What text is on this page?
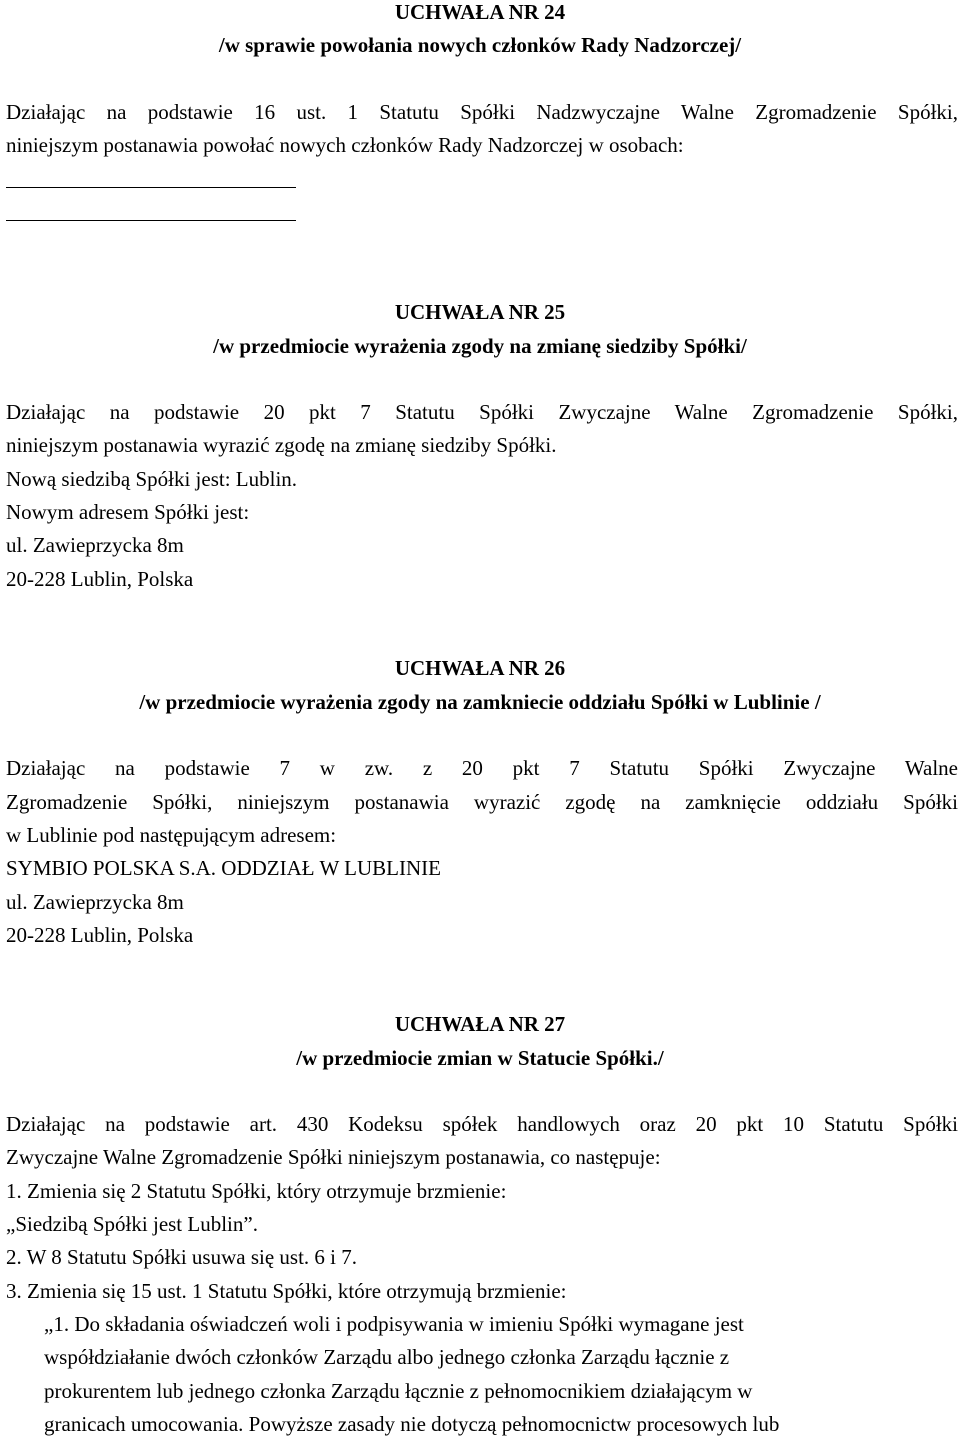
UCHWAŁA NR 24
/w sprawie powołania nowych członków Rady Nadzorczej/
Działając na podstawie 16 ust. 1 Statutu Spółki Nadzwyczajne Walne Zgromadzenie Spółki,
niniejszym postanawia powołać nowych członków Rady Nadzorczej w osobach:
UCHWAŁA NR 25
/w przedmiocie wyrażenia zgody na zmianę siedziby Spółki/
Działając na podstawie 20 pkt 7 Statutu Spółki Zwyczajne Walne Zgromadzenie Spółki,
niniejszym postanawia wyrazić zgodę na zmianę siedziby Spółki.
Nową siedzibą Spółki jest: Lublin.
Nowym adresem Spółki jest:
ul. Zawieprzycka 8m
20-228 Lublin, Polska
UCHWAŁA NR 26
/w przedmiocie wyrażenia zgody na zamkniecie oddziału Spółki w Lublinie /
Działając na podstawie 7 w zw. z 20 pkt 7 Statutu Spółki Zwyczajne Walne
Zgromadzenie Spółki, niniejszym postanawia wyrazić zgodę na zamknięcie oddziału Spółki
w Lublinie pod następującym adresem:
SYMBIO POLSKA S.A. ODDZIAŁ W LUBLINIE
ul. Zawieprzycka 8m
20-228 Lublin, Polska
UCHWAŁA NR 27
/w przedmiocie zmian w Statucie Spółki./
Działając na podstawie art. 430 Kodeksu spółek handlowych oraz 20 pkt 10 Statutu Spółki
Zwyczajne Walne Zgromadzenie Spółki niniejszym postanawia, co następuje:
1. Zmienia się 2 Statutu Spółki, który otrzymuje brzmienie:
„Siedzibą Spółki jest Lublin”.
2. W 8 Statutu Spółki usuwa się ust. 6 i 7.
3. Zmienia się 15 ust. 1 Statutu Spółki, które otrzymują brzmienie:
„1. Do składania oświadczeń woli i podpisywania w imieniu Spółki wymagane jest
współdziałanie dwóch członków Zarządu albo jednego członka Zarządu łącznie z
prokurentem lub jednego członka Zarządu łącznie z pełnomocnikiem działającym w
granicach umocowania. Powyższe zasady nie dotyczą pełnomocnictw procesowych lub
